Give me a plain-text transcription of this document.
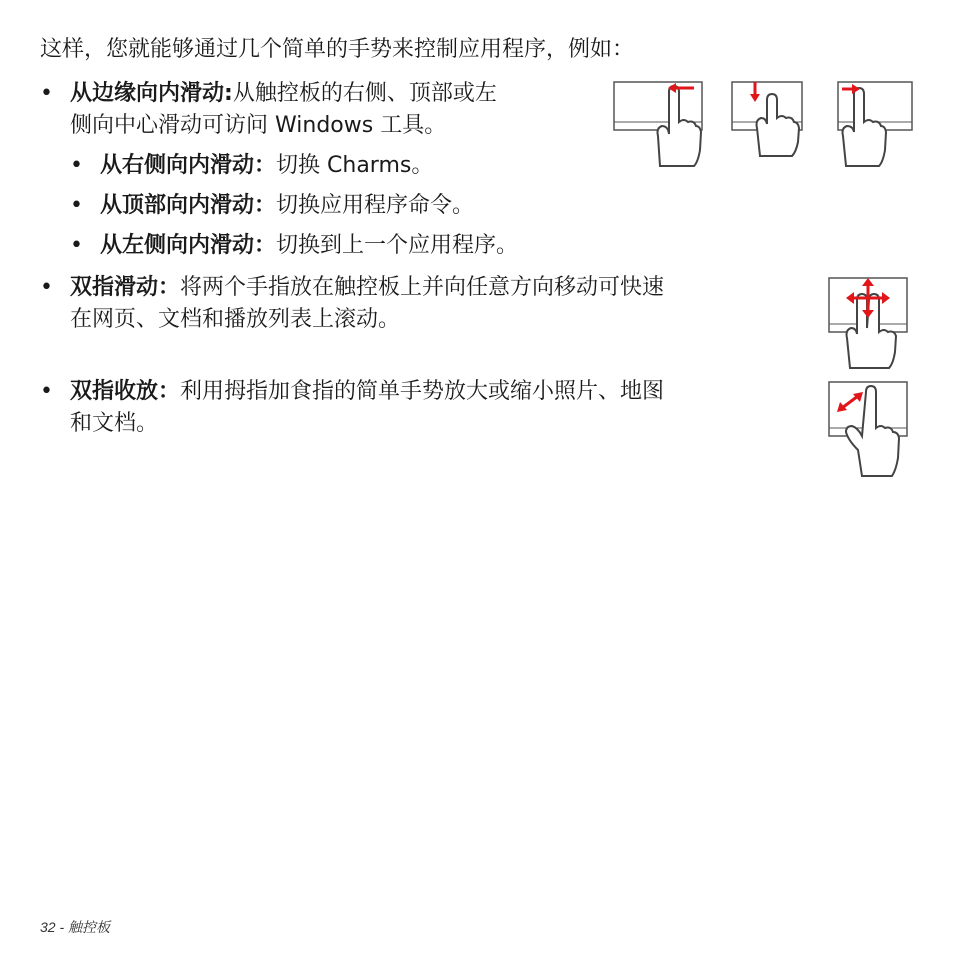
这样，您就能够通过几个简单的手势来控制应用程序，例如：
• 从边缘向内滑动:从触控板的右侧、顶部或左
侧向中心滑动可访问 Windows 工具。
• 从右侧向内滑动：切换 Charms。
• 从顶部向内滑动：切换应用程序命令。
• 从左侧向内滑动：切换到上一个应用程序。
• 双指滑动：将两个手指放在触控板上并向任意方向移动可快速
在网页、文档和播放列表上滚动。
• 双指收放：利用拇指加食指的简单手势放大或缩小照片、地图
和文档。
32 - 触控板
